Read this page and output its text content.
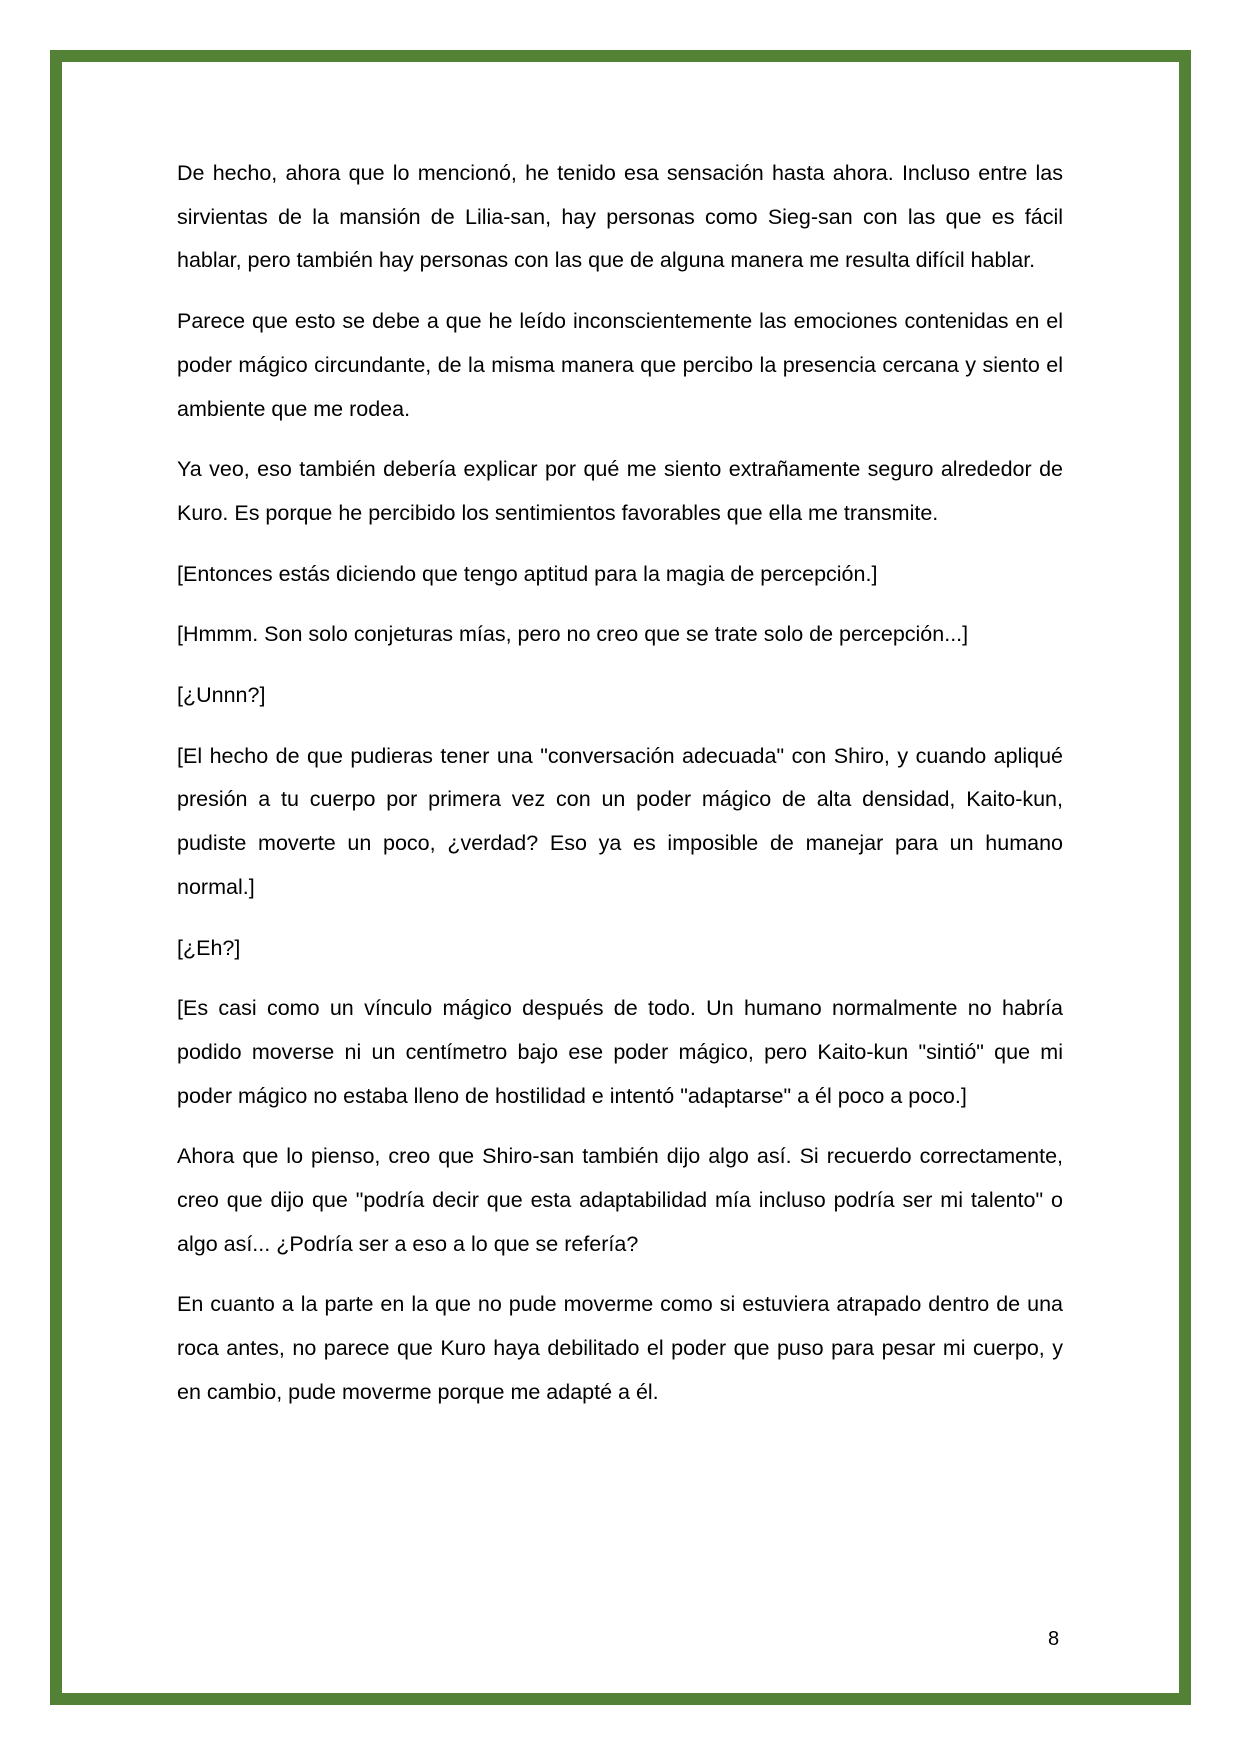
De hecho, ahora que lo mencionó, he tenido esa sensación hasta ahora. Incluso entre las sirvientas de la mansión de Lilia-san, hay personas como Sieg-san con las que es fácil hablar, pero también hay personas con las que de alguna manera me resulta difícil hablar.

Parece que esto se debe a que he leído inconscientemente las emociones contenidas en el poder mágico circundante, de la misma manera que percibo la presencia cercana y siento el ambiente que me rodea.

Ya veo, eso también debería explicar por qué me siento extrañamente seguro alrededor de Kuro. Es porque he percibido los sentimientos favorables que ella me transmite.

[Entonces estás diciendo que tengo aptitud para la magia de percepción.]

[Hmmm. Son solo conjeturas mías, pero no creo que se trate solo de percepción...]

[¿Unnn?]

[El hecho de que pudieras tener una "conversación adecuada" con Shiro, y cuando apliqué presión a tu cuerpo por primera vez con un poder mágico de alta densidad, Kaito-kun, pudiste moverte un poco, ¿verdad? Eso ya es imposible de manejar para un humano normal.]

[¿Eh?]

[Es casi como un vínculo mágico después de todo. Un humano normalmente no habría podido moverse ni un centímetro bajo ese poder mágico, pero Kaito-kun "sintió" que mi poder mágico no estaba lleno de hostilidad e intentó "adaptarse" a él poco a poco.]

Ahora que lo pienso, creo que Shiro-san también dijo algo así. Si recuerdo correctamente, creo que dijo que "podría decir que esta adaptabilidad mía incluso podría ser mi talento" o algo así... ¿Podría ser a eso a lo que se refería?

En cuanto a la parte en la que no pude moverme como si estuviera atrapado dentro de una roca antes, no parece que Kuro haya debilitado el poder que puso para pesar mi cuerpo, y en cambio, pude moverme porque me adapté a él.

8
